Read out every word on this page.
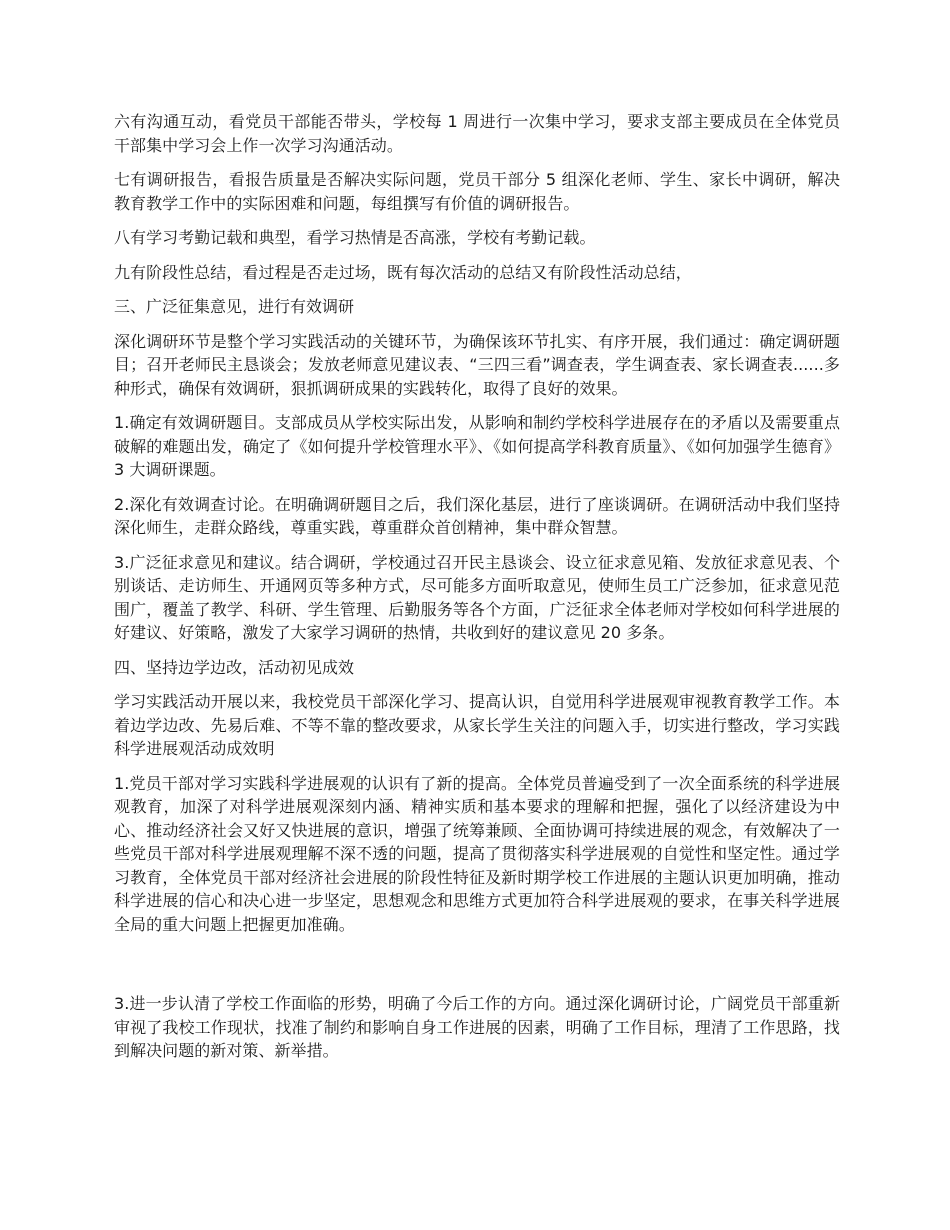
六有沟通互动，看党员干部能否带头，学校每 1 周进行一次集中学习，要求支部主要成员在全体党员干部集中学习会上作一次学习沟通活动。

七有调研报告，看报告质量是否解决实际问题，党员干部分 5 组深化老师、学生、家长中调研，解决教育教学工作中的实际困难和问题，每组撰写有价值的调研报告。

八有学习考勤记载和典型，看学习热情是否高涨，学校有考勤记载。

九有阶段性总结，看过程是否走过场，既有每次活动的总结又有阶段性活动总结，

三、广泛征集意见，进行有效调研

深化调研环节是整个学习实践活动的关键环节，为确保该环节扎实、有序开展，我们通过：确定调研题目；召开老师民主恳谈会；发放老师意见建议表、“三四三看”调查表，学生调查表、家长调查表......多种形式，确保有效调研，狠抓调研成果的实践转化，取得了良好的效果。

1.确定有效调研题目。支部成员从学校实际出发，从影响和制约学校科学进展存在的矛盾以及需要重点破解的难题出发，确定了《如何提升学校管理水平》、《如何提高学科教育质量》、《如何加强学生德育》3 大调研课题。

2.深化有效调查讨论。在明确调研题目之后，我们深化基层，进行了座谈调研。在调研活动中我们坚持深化师生，走群众路线，尊重实践，尊重群众首创精神，集中群众智慧。

3.广泛征求意见和建议。结合调研，学校通过召开民主恳谈会、设立征求意见箱、发放征求意见表、个别谈话、走访师生、开通网页等多种方式，尽可能多方面听取意见，使师生员工广泛参加，征求意见范围广，覆盖了教学、科研、学生管理、后勤服务等各个方面，广泛征求全体老师对学校如何科学进展的好建议、好策略，激发了大家学习调研的热情，共收到好的建议意见 20 多条。

四、坚持边学边改，活动初见成效

学习实践活动开展以来，我校党员干部深化学习、提高认识，自觉用科学进展观审视教育教学工作。本着边学边改、先易后难、不等不靠的整改要求，从家长学生关注的问题入手，切实进行整改，学习实践科学进展观活动成效明

1.党员干部对学习实践科学进展观的认识有了新的提高。全体党员普遍受到了一次全面系统的科学进展观教育，加深了对科学进展观深刻内涵、精神实质和基本要求的理解和把握，强化了以经济建设为中心、推动经济社会又好又快进展的意识，增强了统筹兼顾、全面协调可持续进展的观念，有效解决了一些党员干部对科学进展观理解不深不透的问题，提高了贯彻落实科学进展观的自觉性和坚定性。通过学习教育，全体党员干部对经济社会进展的阶段性特征及新时期学校工作进展的主题认识更加明确，推动科学进展的信心和决心进一步坚定，思想观念和思维方式更加符合科学进展观的要求，在事关科学进展全局的重大问题上把握更加准确。

3.进一步认清了学校工作面临的形势，明确了今后工作的方向。通过深化调研讨论，广阔党员干部重新审视了我校工作现状，找准了制约和影响自身工作进展的因素，明确了工作目标，理清了工作思路，找到解决问题的新对策、新举措。
